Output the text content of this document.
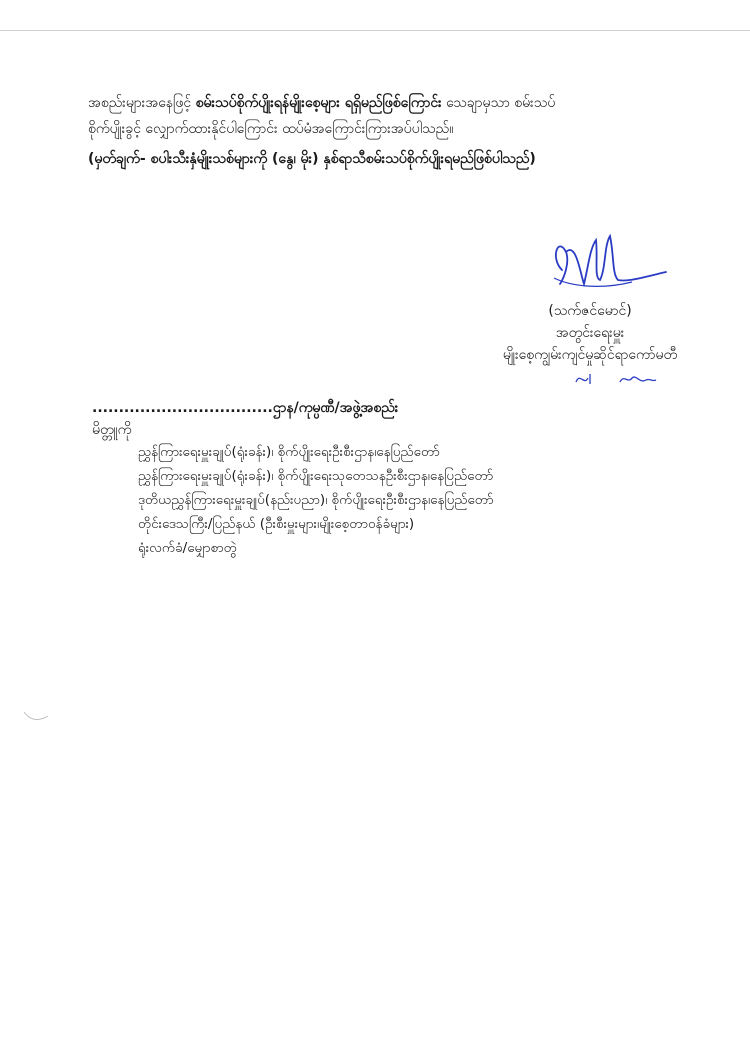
အစည်းများအနေဖြင့် စမ်းသပ်စိုက်ပျိုးရန်မျိုးစေ့များ ရရှိမည်ဖြစ်ကြောင်း သေချာမှသာ စမ်းသပ်
စိုက်ပျိုးခွင့် လျှောက်ထားနိုင်ပါကြောင်း ထပ်မံအကြောင်းကြားအပ်ပါသည်။
(မှတ်ချက်- စပါးသီးနှံမျိုးသစ်များကို (နွေ၊ မိုး) နှစ်ရာသီစမ်းသပ်စိုက်ပျိုးရမည်ဖြစ်ပါသည်)
(သက်ဇင်မောင်)
အတွင်းရေးမှူး
မျိုးစေ့ကျွမ်းကျင်မှုဆိုင်ရာကော်မတီ
..................................ဌာန/ကုမ္ပဏီ/အဖွဲ့အစည်း
မိတ္တူကို
ညွှန်ကြားရေးမှူးချုပ်(ရုံးခန်း)၊ စိုက်ပျိုးရေးဦးစီးဌာန၊နေပြည်တော်
ညွှန်ကြားရေးမှူးချုပ်(ရုံးခန်း)၊ စိုက်ပျိုးရေးသုတေသနဦးစီးဌာန၊နေပြည်တော်
ဒုတိယညွှန်ကြားရေးမှူးချုပ်(နည်းပညာ)၊ စိုက်ပျိုးရေးဦးစီးဌာန၊နေပြည်တော်
တိုင်းဒေသကြီး/ပြည်နယ် (ဦးစီးမှူးများ၊မျိုးစေ့တာဝန်ခံများ)
ရုံးလက်ခံ/မျှောစာတွဲ
